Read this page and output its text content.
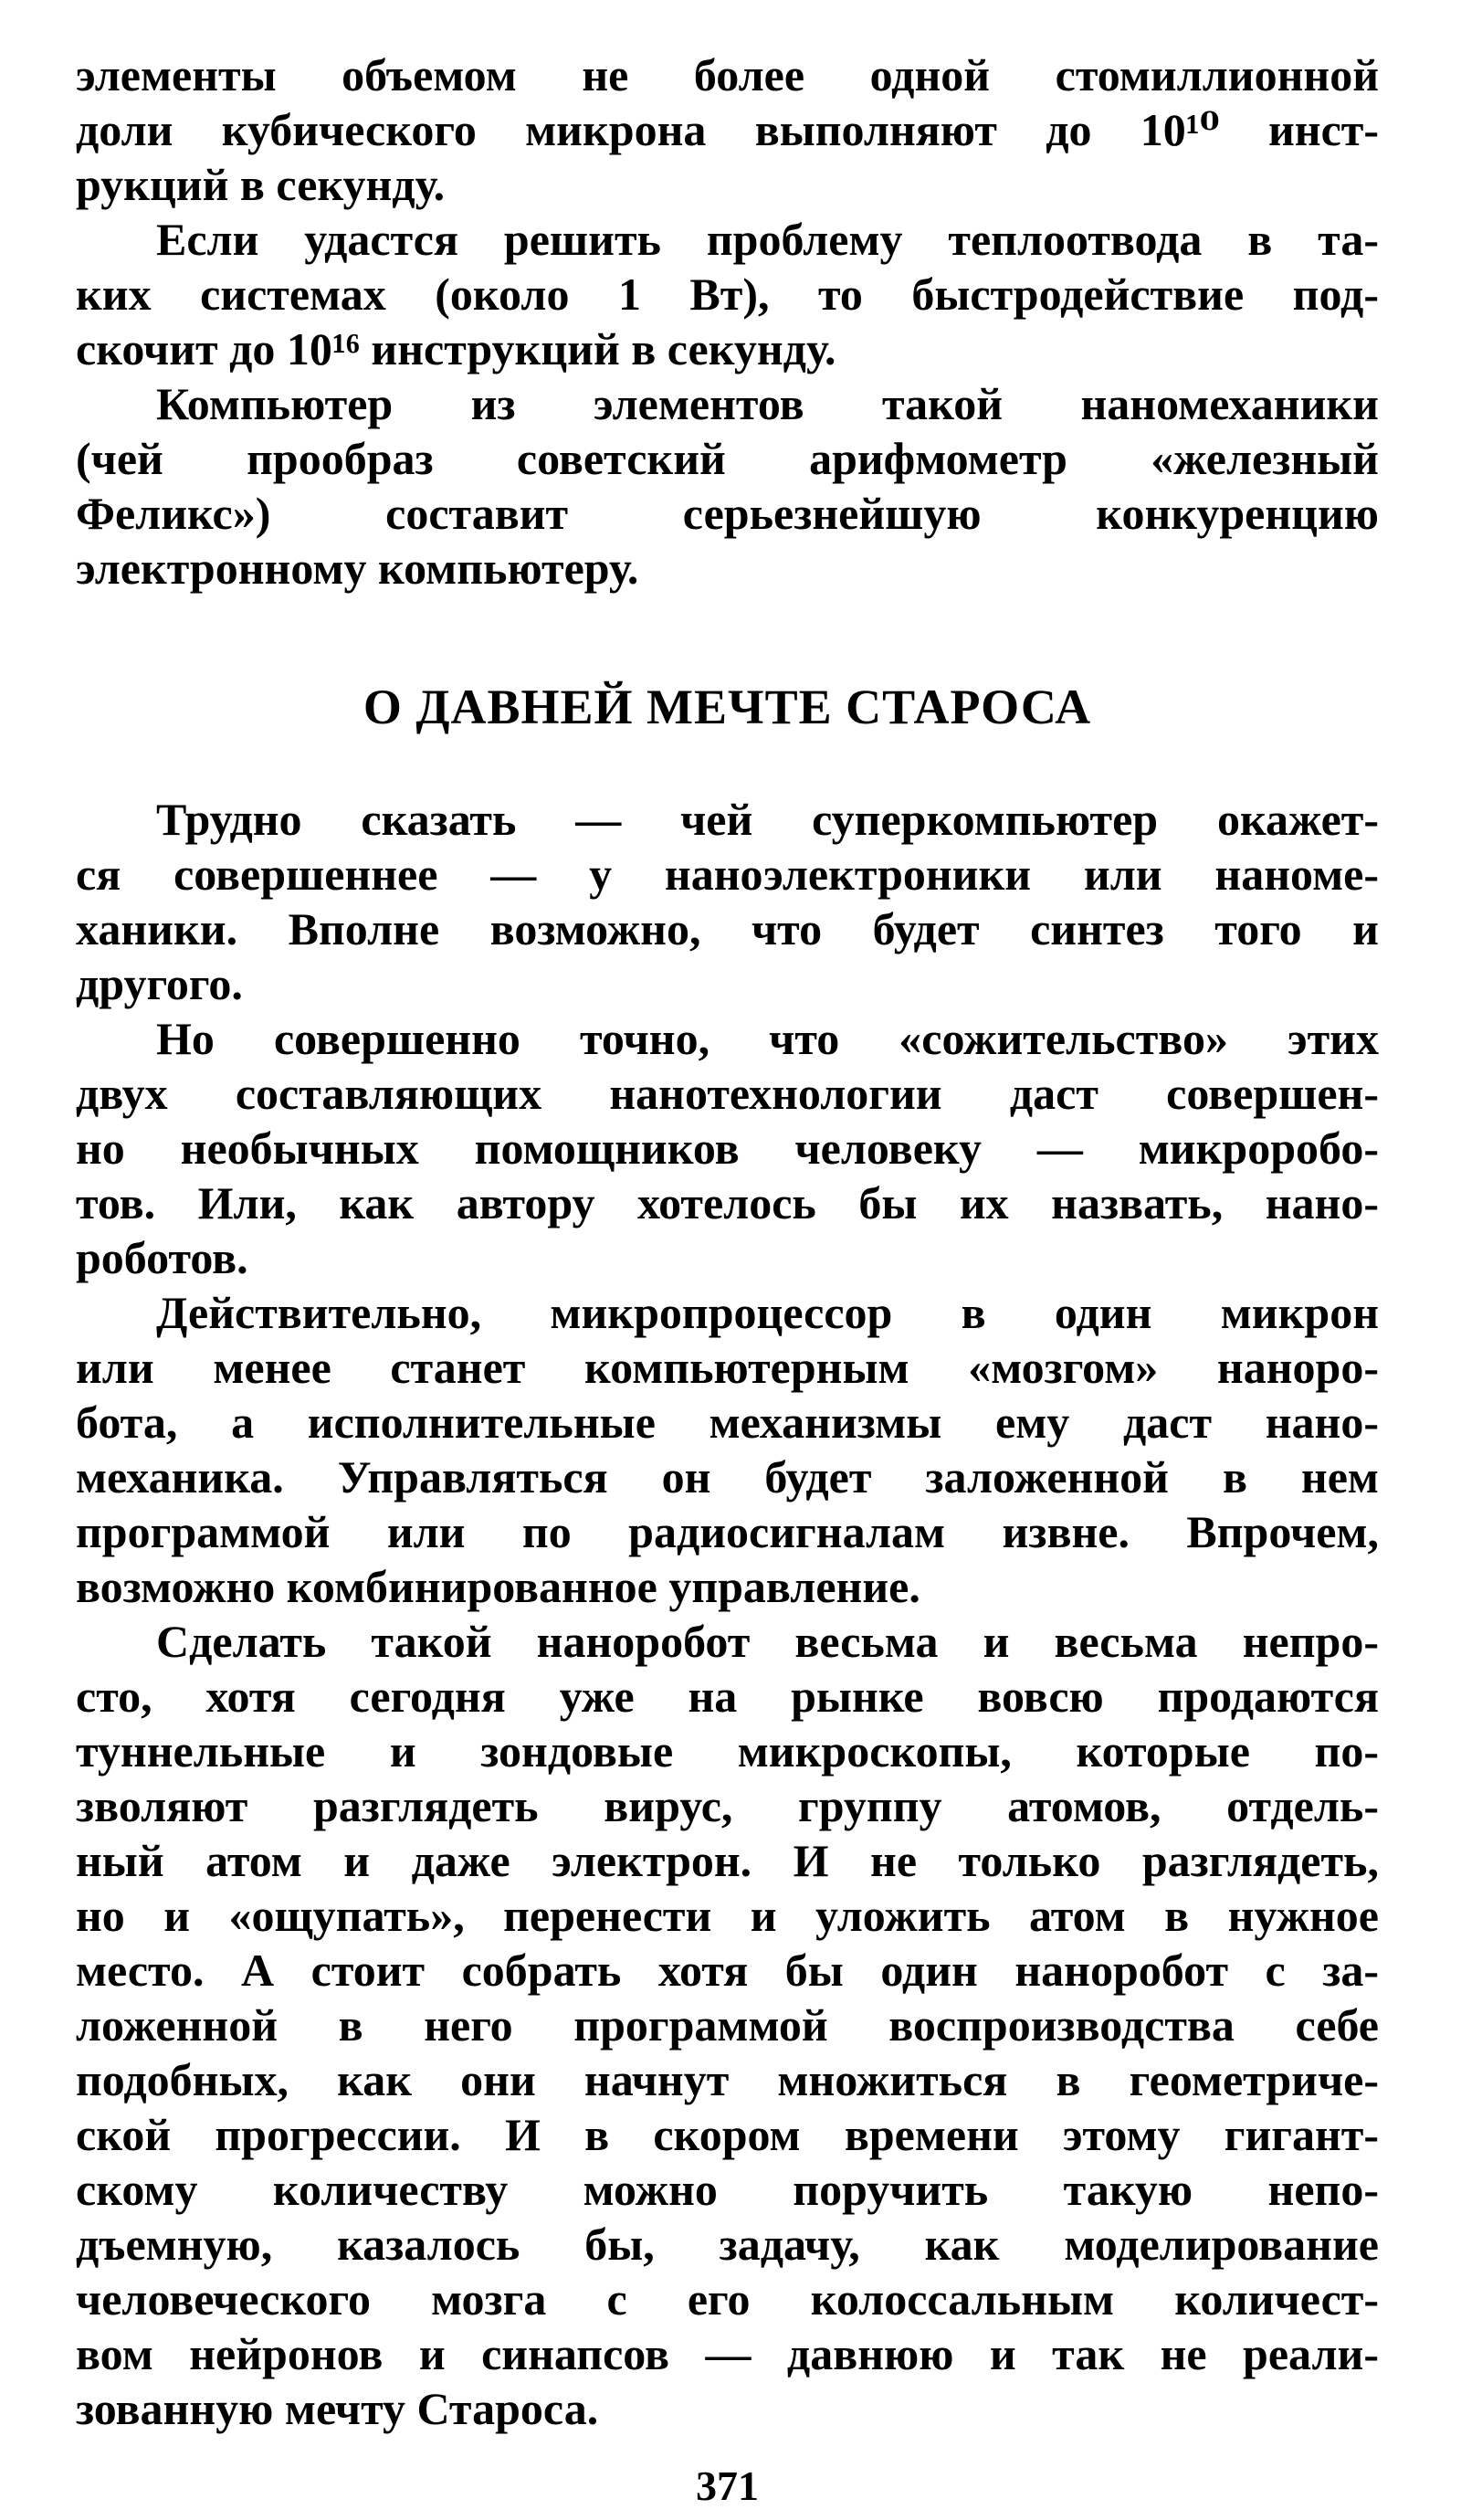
элементы объемом не более одной стомиллионной
доли кубического микрона выполняют до 10¹⁰ инст-
рукций в секунду.
Если удастся решить проблему теплоотвода в та-
ких системах (около 1 Вт), то быстродействие под-
скочит до 10¹⁶ инструкций в секунду.
Компьютер из элементов такой наномеханики
(чей прообраз советский арифмометр «железный
Феликс») составит серьезнейшую конкуренцию
электронному компьютеру.
О ДАВНЕЙ МЕЧТЕ СТАРОСА
Трудно сказать — чей суперкомпьютер окажет-
ся совершеннее — у наноэлектроники или наноме-
ханики. Вполне возможно, что будет синтез того и
другого.
Но совершенно точно, что «сожительство» этих
двух составляющих нанотехнологии даст совершен-
но необычных помощников человеку — микроробо-
тов. Или, как автору хотелось бы их назвать, нано-
роботов.
Действительно, микропроцессор в один микрон
или менее станет компьютерным «мозгом» наноро-
бота, а исполнительные механизмы ему даст нано-
механика. Управляться он будет заложенной в нем
программой или по радиосигналам извне. Впрочем,
возможно комбинированное управление.
Сделать такой наноробот весьма и весьма непро-
сто, хотя сегодня уже на рынке вовсю продаются
туннельные и зондовые микроскопы, которые по-
зволяют разглядеть вирус, группу атомов, отдель-
ный атом и даже электрон. И не только разглядеть,
но и «ощупать», перенести и уложить атом в нужное
место. А стоит собрать хотя бы один наноробот с за-
ложенной в него программой воспроизводства себе
подобных, как они начнут множиться в геометриче-
ской прогрессии. И в скором времени этому гигант-
скому количеству можно поручить такую непо-
дъемную, казалось бы, задачу, как моделирование
человеческого мозга с его колоссальным количест-
вом нейронов и синапсов — давнюю и так не реали-
зованную мечту Староса.
371
